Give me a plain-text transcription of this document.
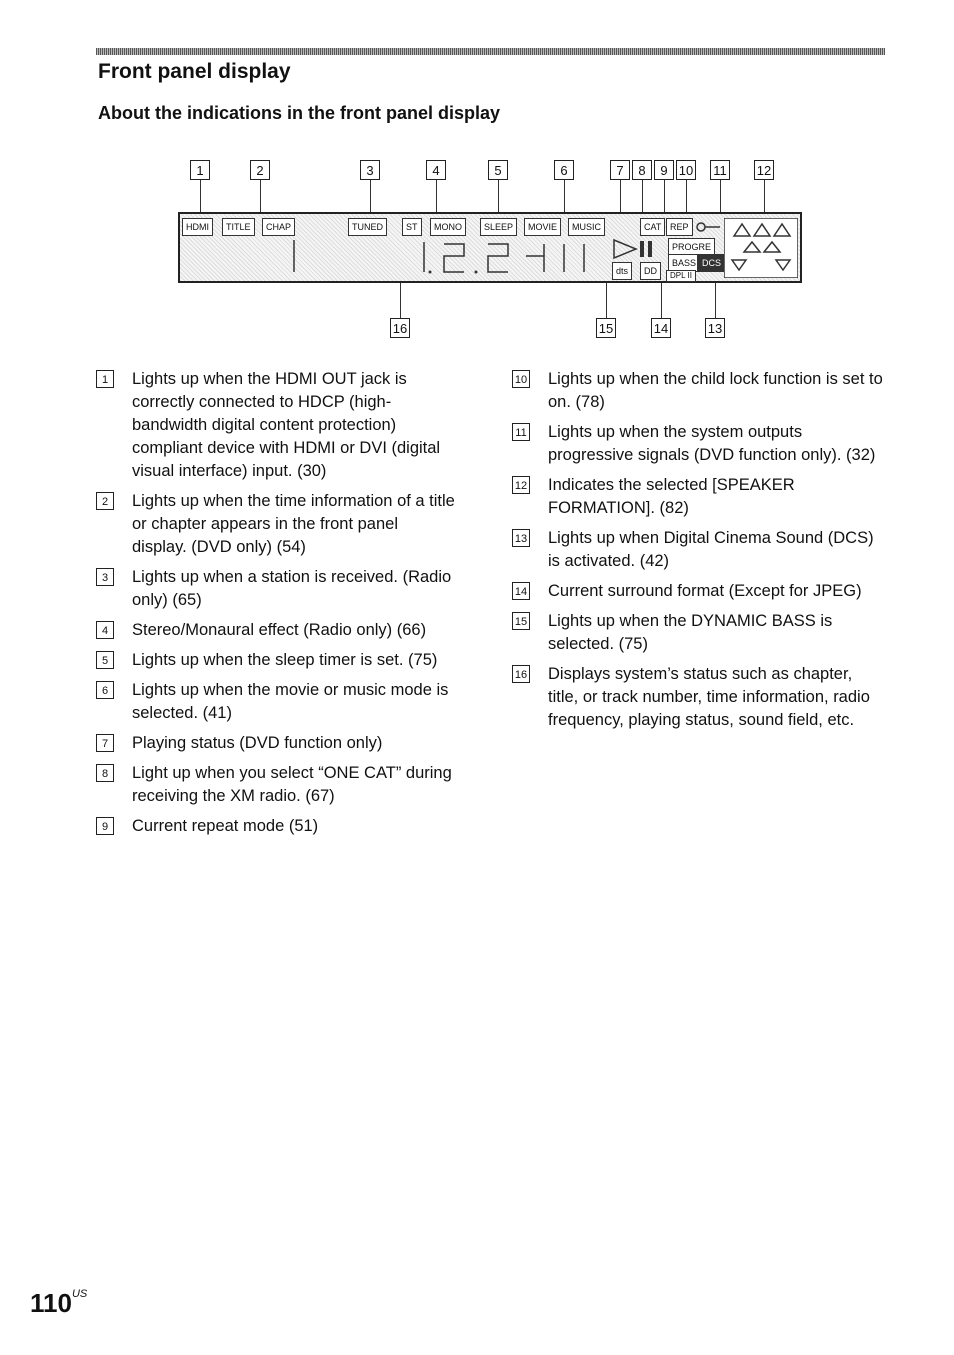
Front panel display
About the indications in the front panel display
1	2	3	4	5	6	7	8	9 10 11 12
HDMI	TITLE	CHAP	TUNED	ST	MONO	SLEEP	MOVIE	MUSIC	CAT REP
PROGRE
BASS DCS
dts	DD	DPL II
16	15	14	13
1	Lights up when the HDMI OUT jack is correctly connected to HDCP (high-bandwidth digital content protection) compliant device with HDMI or DVI (digital visual interface) input. (30)
2	Lights up when the time information of a title or chapter appears in the front panel display. (DVD only) (54)
3	Lights up when a station is received. (Radio only) (65)
4	Stereo/Monaural effect (Radio only) (66)
5	Lights up when the sleep timer is set. (75)
6	Lights up when the movie or music mode is selected. (41)
7	Playing status (DVD function only)
8	Light up when you select “ONE CAT” during receiving the XM radio. (67)
9	Current repeat mode (51)
10 Lights up when the child lock function is set to on. (78)
11 Lights up when the system outputs progressive signals (DVD function only). (32)
12 Indicates the selected [SPEAKER FORMATION]. (82)
13 Lights up when Digital Cinema Sound (DCS) is activated. (42)
14 Current surround format (Except for JPEG)
15 Lights up when the DYNAMIC BASS is selected. (75)
16 Displays system’s status such as chapter, title, or track number, time information, radio frequency, playing status, sound field, etc.
$110^{US}$
